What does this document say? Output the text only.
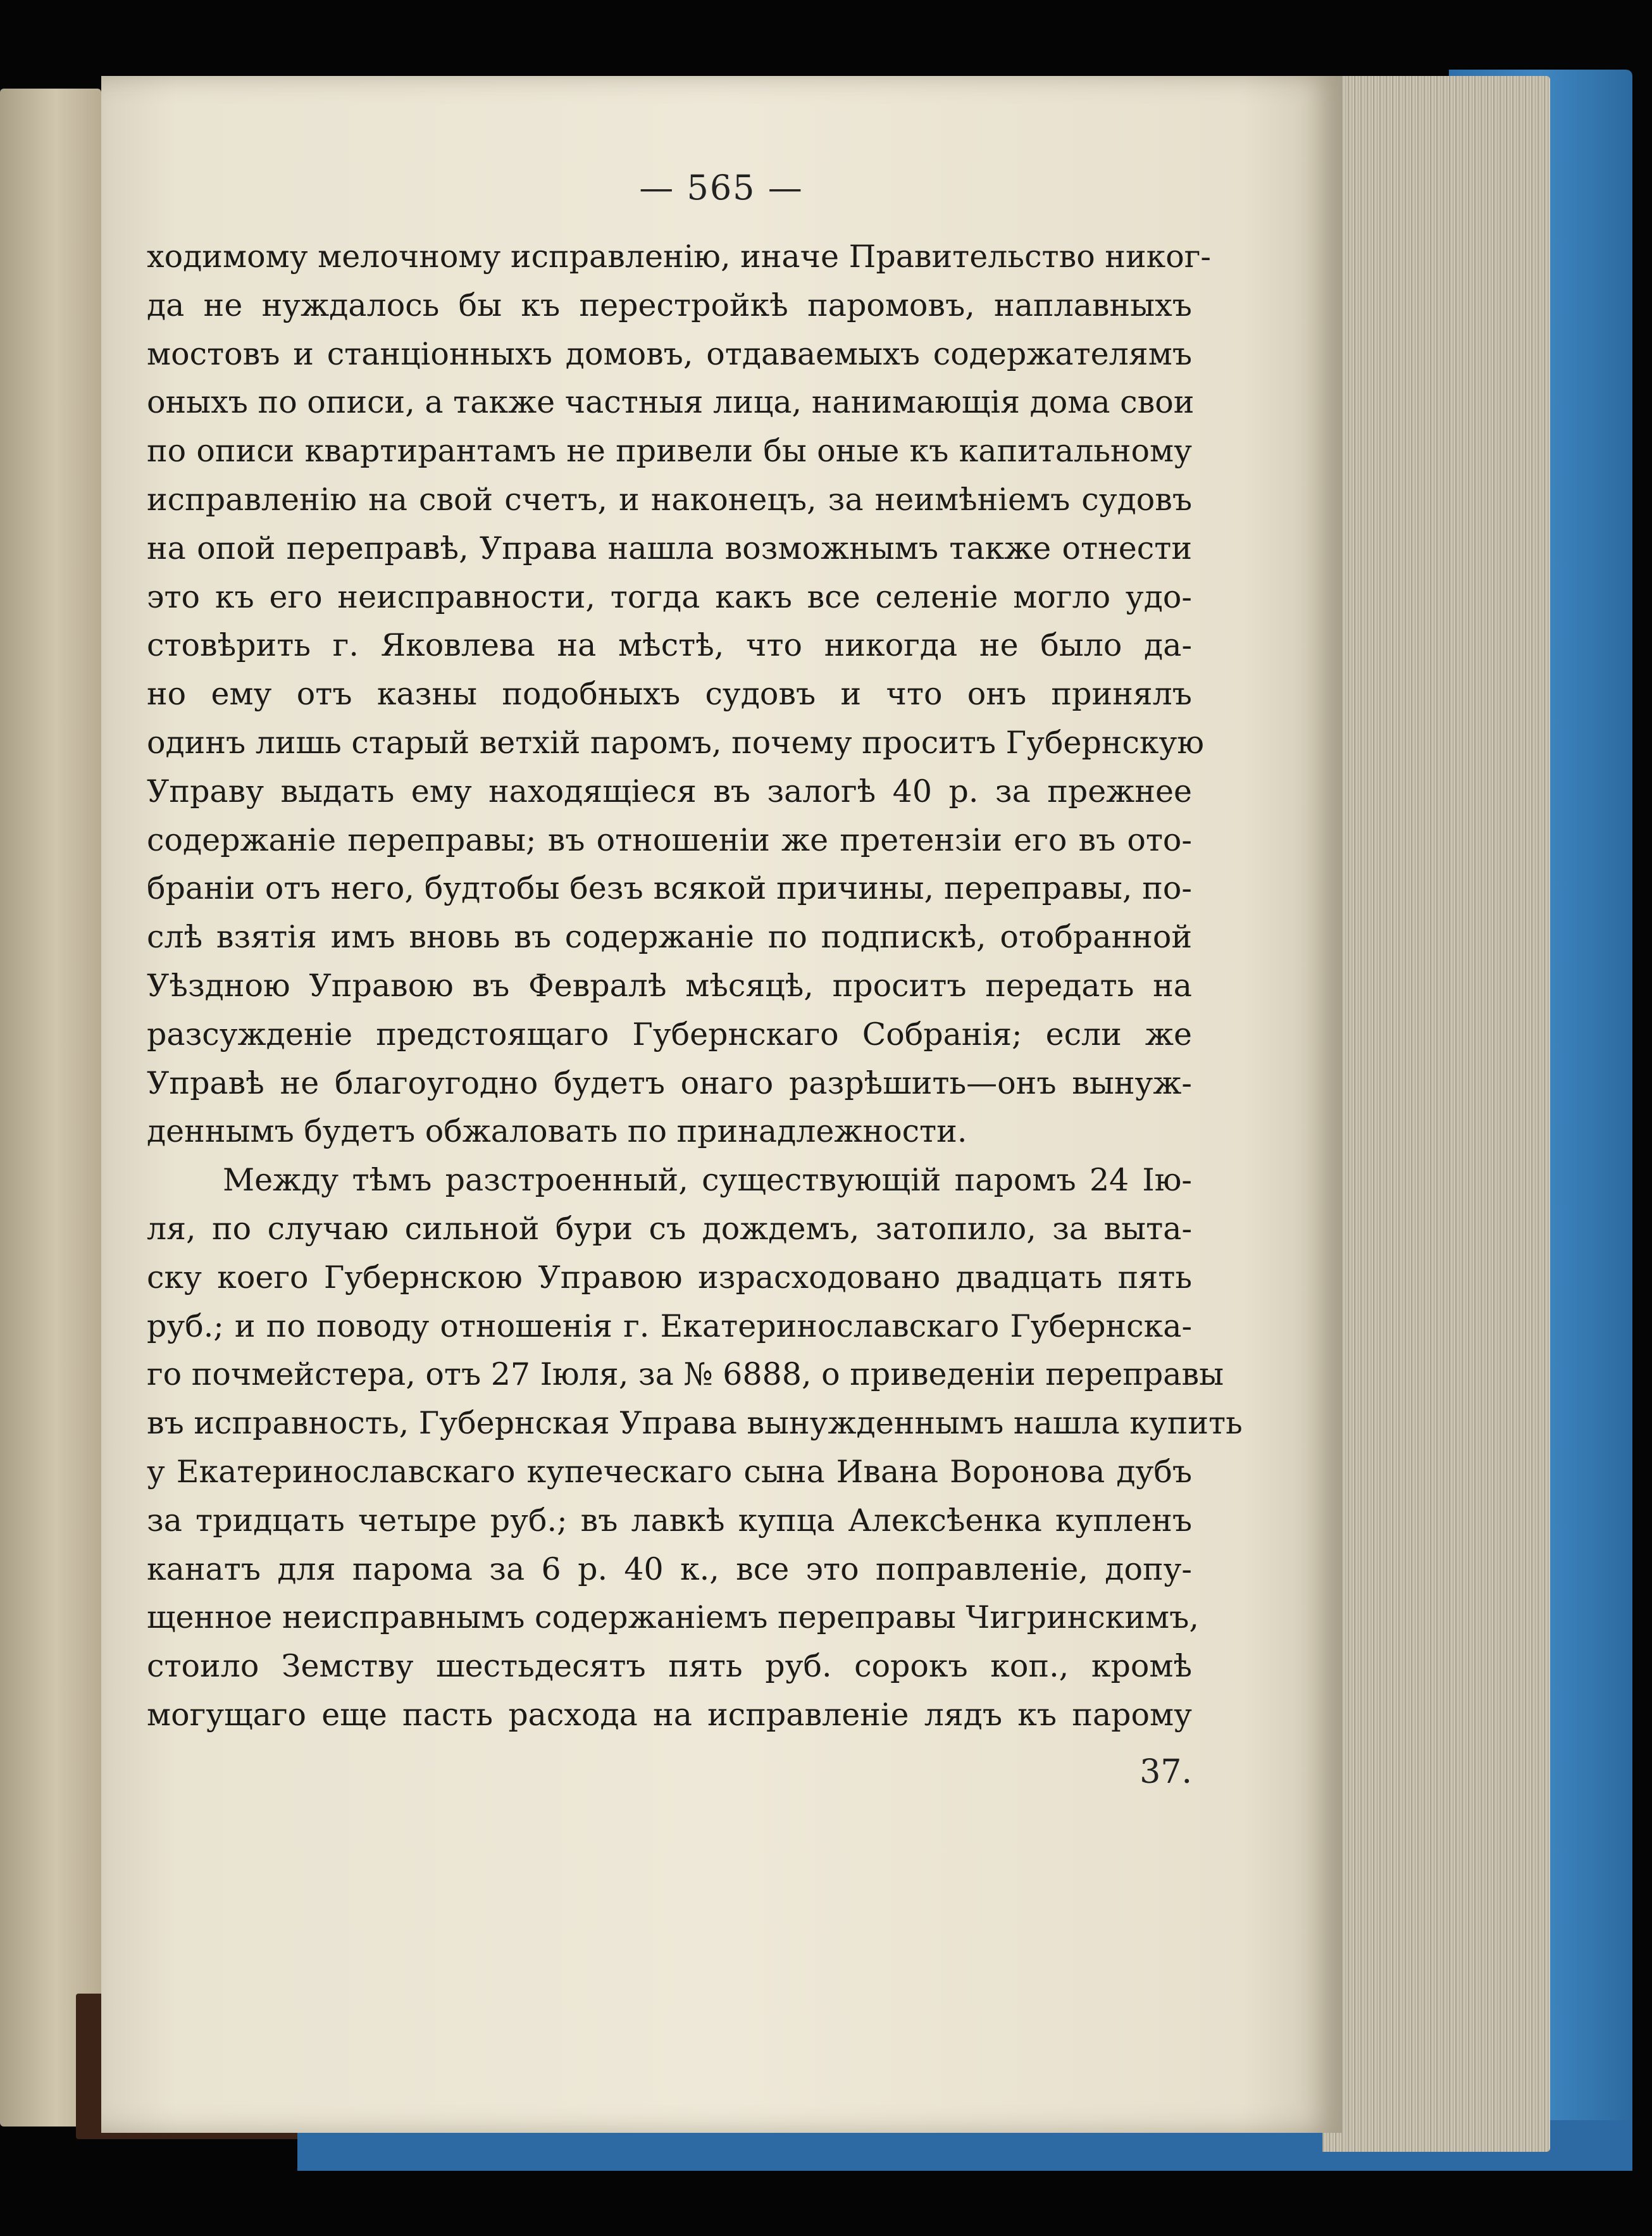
— 565 —
ходимому мелочному исправленiю, иначе Правительство никог-
да не нуждалось бы къ перестройкѣ паромовъ, наплавныхъ
мостовъ и станцiонныхъ домовъ, отдаваемыхъ содержателямъ
оныхъ по описи, а также частныя лица, нанимающiя дома свои
по описи квартирантамъ не привели бы оные къ капитальному
исправленiю на свой счетъ, и наконецъ, за неимѣнiемъ судовъ
на опой переправѣ, Управа нашла возможнымъ также отнести
это къ его неисправности, тогда какъ все селенiе могло удо-
стовѣрить г. Яковлева на мѣстѣ, что никогда не было да-
но ему отъ казны подобныхъ судовъ и что онъ принялъ
одинъ лишь старый ветхiй паромъ, почему проситъ Губернскую
Управу выдать ему находящiеся въ залогѣ 40 р. за прежнее
содержанiе переправы; въ отношенiи же претензiи его въ ото-
бранiи отъ него, будтобы безъ всякой причины, переправы, по-
слѣ взятiя имъ вновь въ содержанiе по подпискѣ, отобранной
Уѣздною Управою въ Февралѣ мѣсяцѣ, проситъ передать на
разсужденiе предстоящаго Губернскаго Собранiя; если же
Управѣ не благоугодно будетъ онаго разрѣшить—онъ вынуж-
деннымъ будетъ обжаловать по принадлежности.
Между тѣмъ разстроенный, существующiй паромъ 24 Iю-
ля, по случаю сильной бури съ дождемъ, затопило, за выта-
ску коего Губернскою Управою израсходовано двадцать пять
руб.; и по поводу отношенiя г. Екатеринославскаго Губернска-
го почмейстера, отъ 27 Iюля, за № 6888, о приведенiи переправы
въ исправность, Губернская Управа вынужденнымъ нашла купить
у Екатеринославскаго купеческаго сына Ивана Воронова дубъ
за тридцать четыре руб.; въ лавкѣ купца Алексѣенка купленъ
канатъ для парома за 6 р. 40 к., все это поправленiе, допу-
щенное неисправнымъ содержанiемъ переправы Чигринскимъ,
стоило Земству шестьдесятъ пять руб. сорокъ коп., кромѣ
могущаго еще пасть расхода на исправленiе лядъ къ парому
37.
